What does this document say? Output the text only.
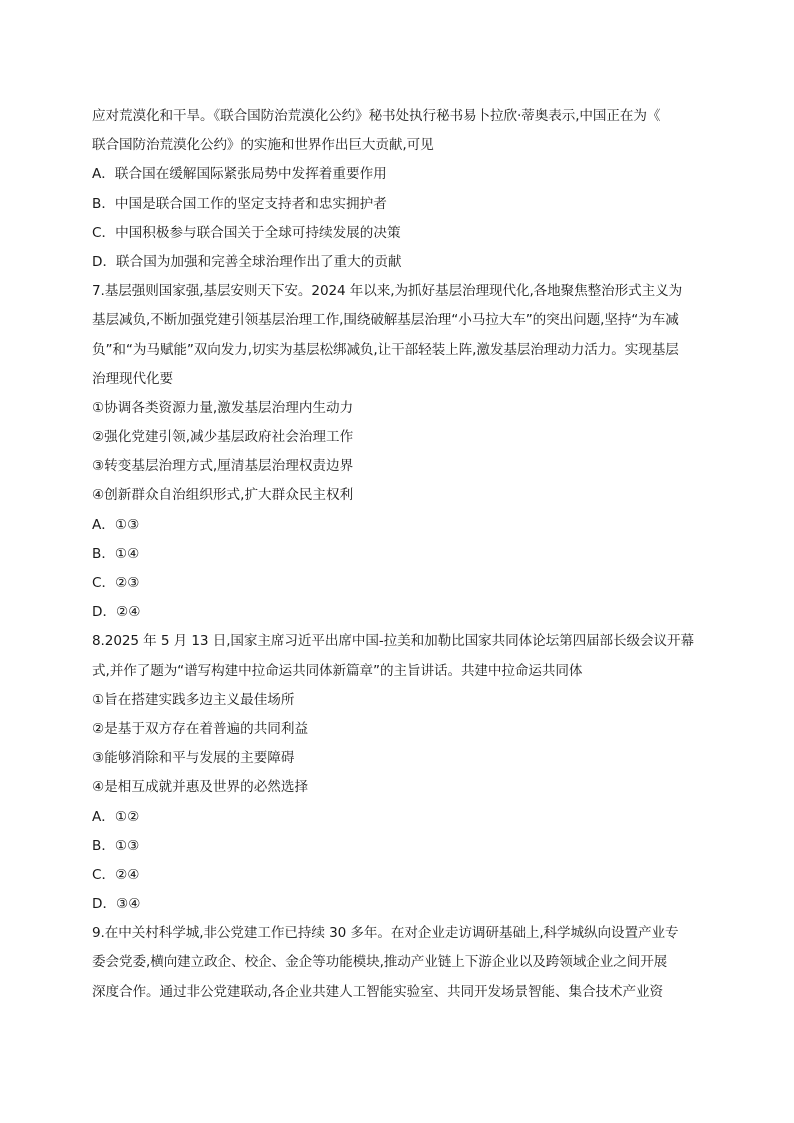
应对荒漠化和干旱。《联合国防治荒漠化公约》秘书处执行秘书易卜拉欣·蒂奥表示,中国正在为《
联合国防治荒漠化公约》的实施和世界作出巨大贡献,可见
A．联合国在缓解国际紧张局势中发挥着重要作用
B．中国是联合国工作的坚定支持者和忠实拥护者
C．中国积极参与联合国关于全球可持续发展的决策
D．联合国为加强和完善全球治理作出了重大的贡献
7.基层强则国家强,基层安则天下安。2024 年以来,为抓好基层治理现代化,各地聚焦整治形式主义为
基层减负,不断加强党建引领基层治理工作,围绕破解基层治理“小马拉大车”的突出问题,坚持“为车减
负”和“为马赋能”双向发力,切实为基层松绑减负,让干部轻装上阵,激发基层治理动力活力。实现基层
治理现代化要
①协调各类资源力量,激发基层治理内生动力
②强化党建引领,减少基层政府社会治理工作
③转变基层治理方式,厘清基层治理权责边界
④创新群众自治组织形式,扩大群众民主权利
A．①③
B．①④
C．②③
D．②④
8.2025 年 5 月 13 日,国家主席习近平出席中国-拉美和加勒比国家共同体论坛第四届部长级会议开幕
式,并作了题为“谱写构建中拉命运共同体新篇章”的主旨讲话。共建中拉命运共同体
①旨在搭建实践多边主义最佳场所
②是基于双方存在着普遍的共同利益
③能够消除和平与发展的主要障碍
④是相互成就并惠及世界的必然选择
A．①②
B．①③
C．②④
D．③④
9.在中关村科学城,非公党建工作已持续 30 多年。在对企业走访调研基础上,科学城纵向设置产业专
委会党委,横向建立政企、校企、金企等功能模块,推动产业链上下游企业以及跨领域企业之间开展
深度合作。通过非公党建联动,各企业共建人工智能实验室、共同开发场景智能、集合技术产业资
